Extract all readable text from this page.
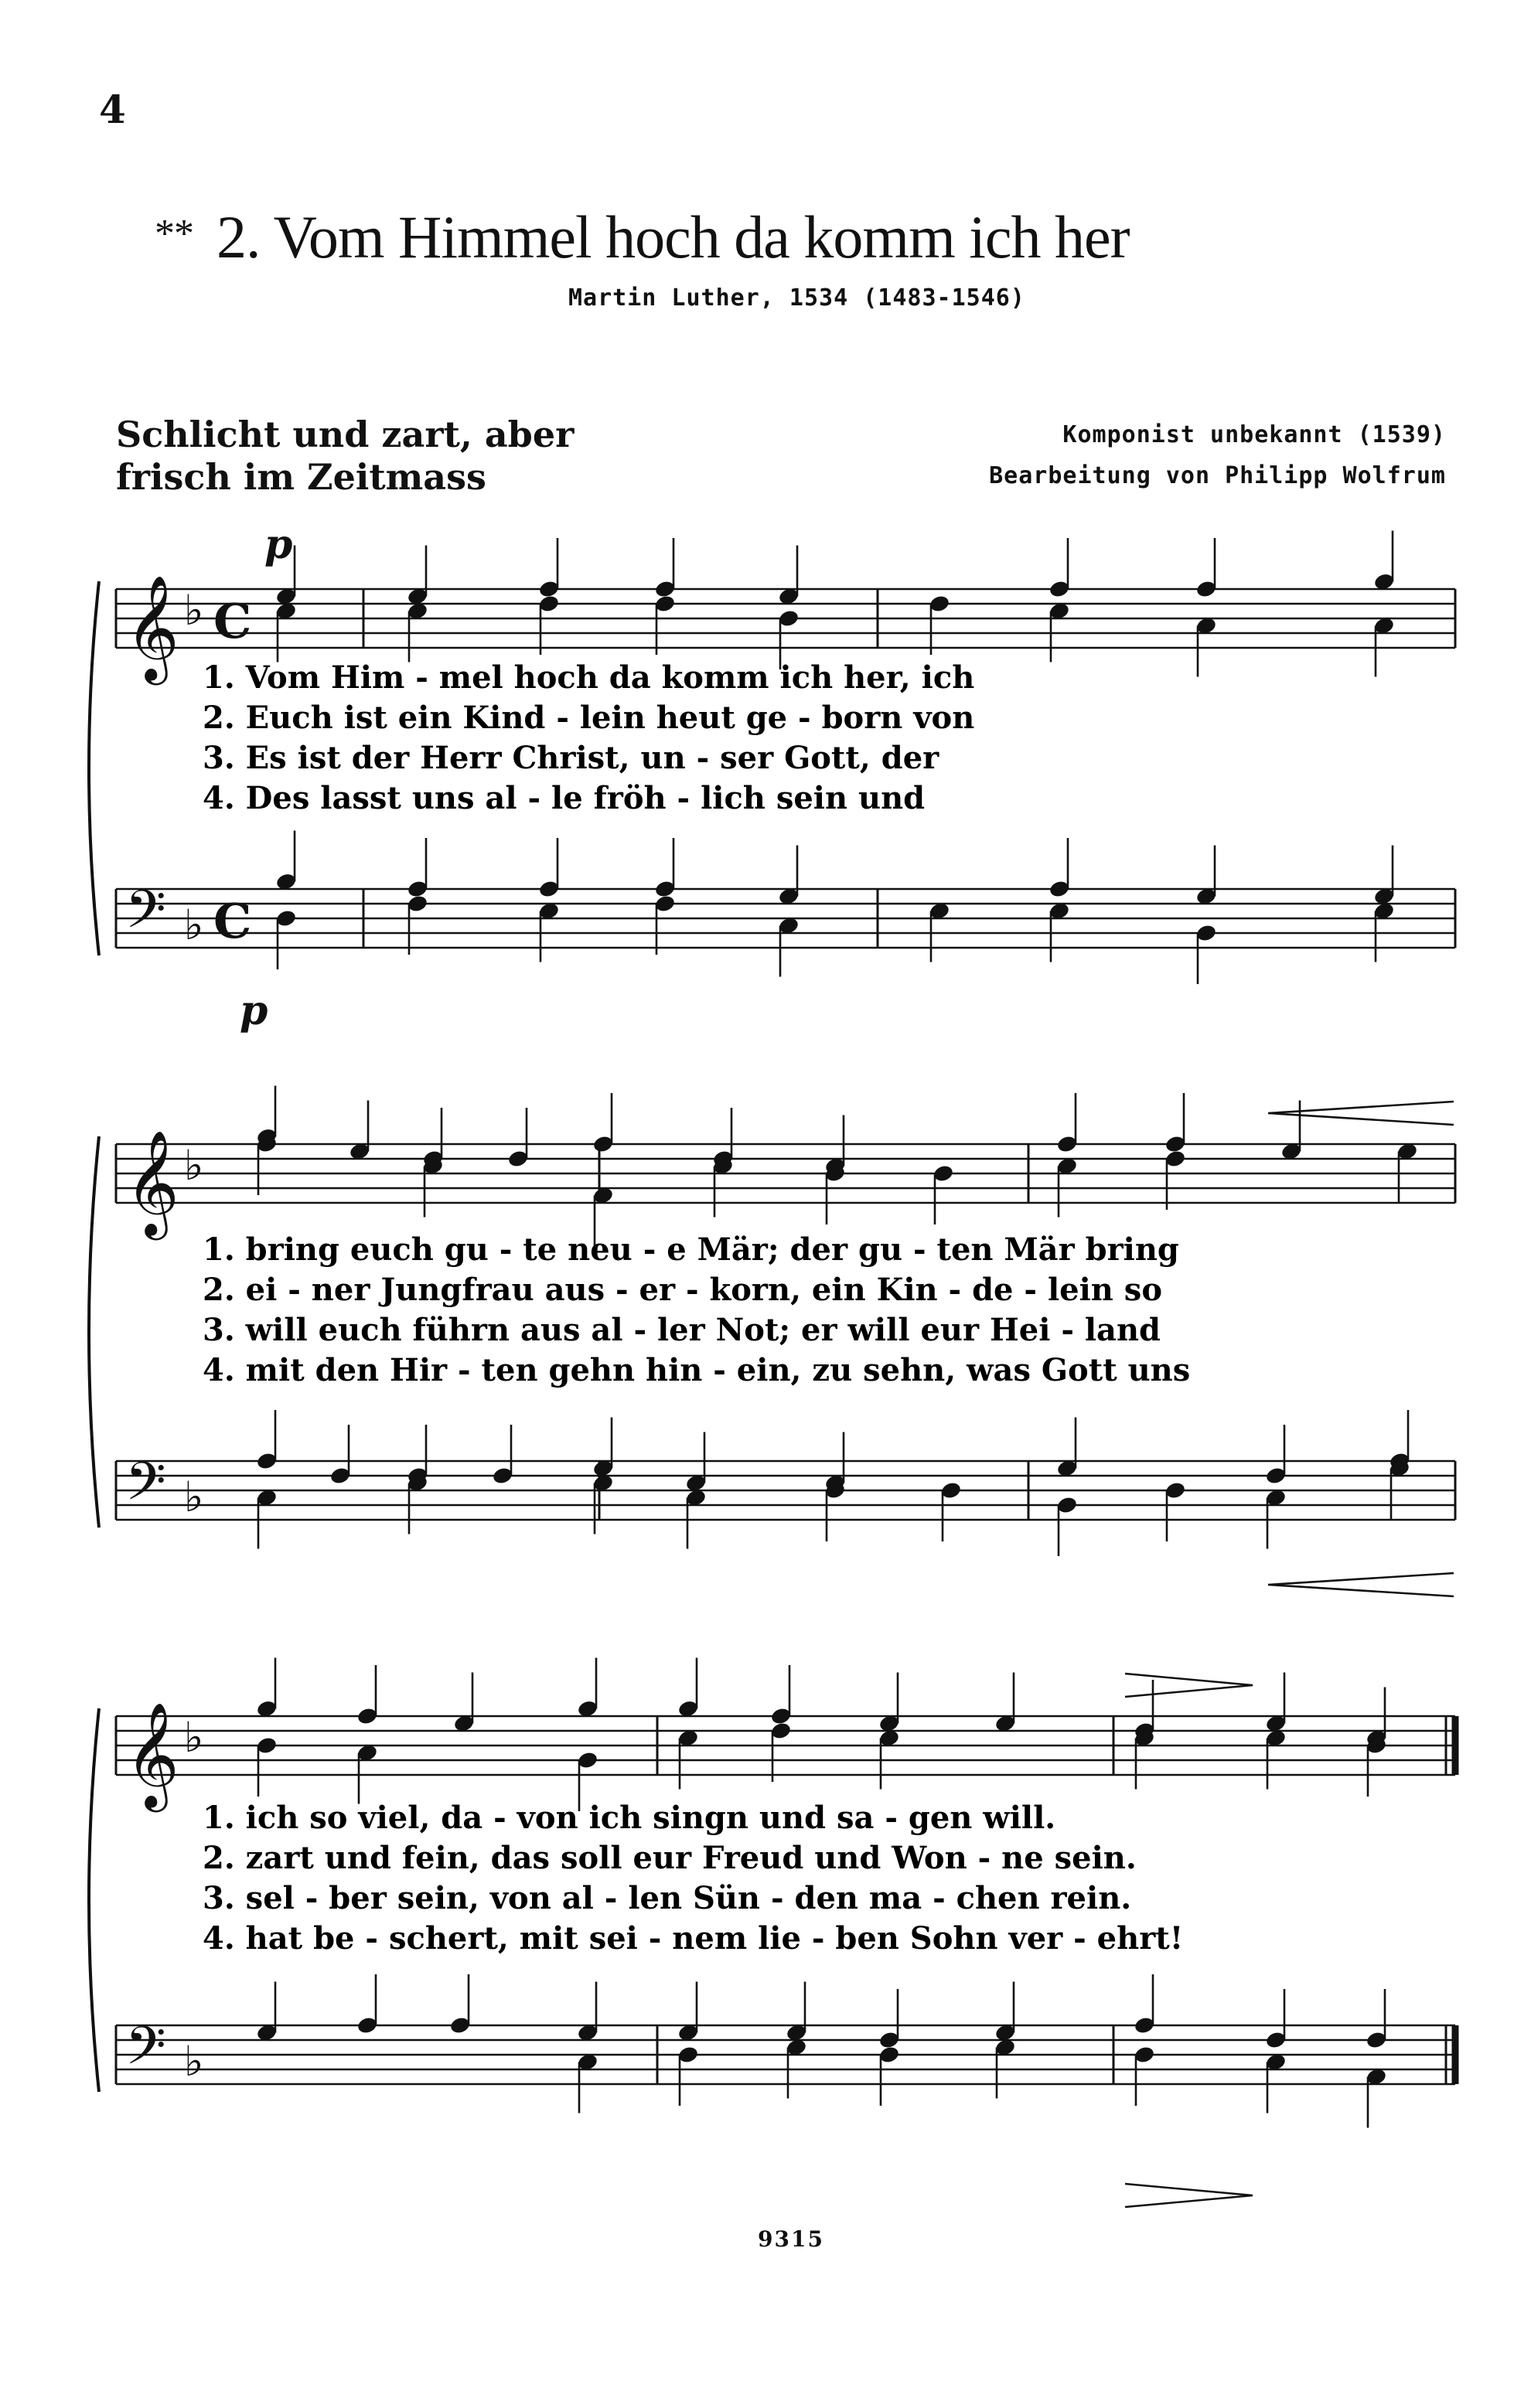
4
** 2. Vom Himmel hoch da komm ich her
Martin Luther, 1534 (1483-1546)
Schlicht und zart, aber
frisch im Zeitmass
Komponist unbekannt (1539)
Bearbeitung von Philipp Wolfrum
𝄞 ♭ C
𝄢 ♭ C
1. Vom Him - mel hoch da komm ich her, ich
2. Euch ist ein Kind - lein heut ge - born von
3. Es ist der Herr Christ, un - ser Gott, der
4. Des lasst uns al - le fröh - lich sein und
𝄞 ♭
𝄢 ♭
1. bring euch gu - te neu - e Mär; der gu - ten Mär bring
2. ei - ner Jungfrau aus - er - korn, ein Kin - de - lein so
3. will euch führn aus al - ler Not; er will eur Hei - land
4. mit den Hir - ten gehn hin - ein, zu sehn, was Gott uns
𝄞 ♭
𝄢 ♭
1. ich so viel, da - von ich singn und sa - gen will.
2. zart und fein, das soll eur Freud und Won - ne sein.
3. sel - ber sein, von al - len Sün - den ma - chen rein.
4. hat be - schert, mit sei - nem lie - ben Sohn ver - ehrt!
p
p
9315
